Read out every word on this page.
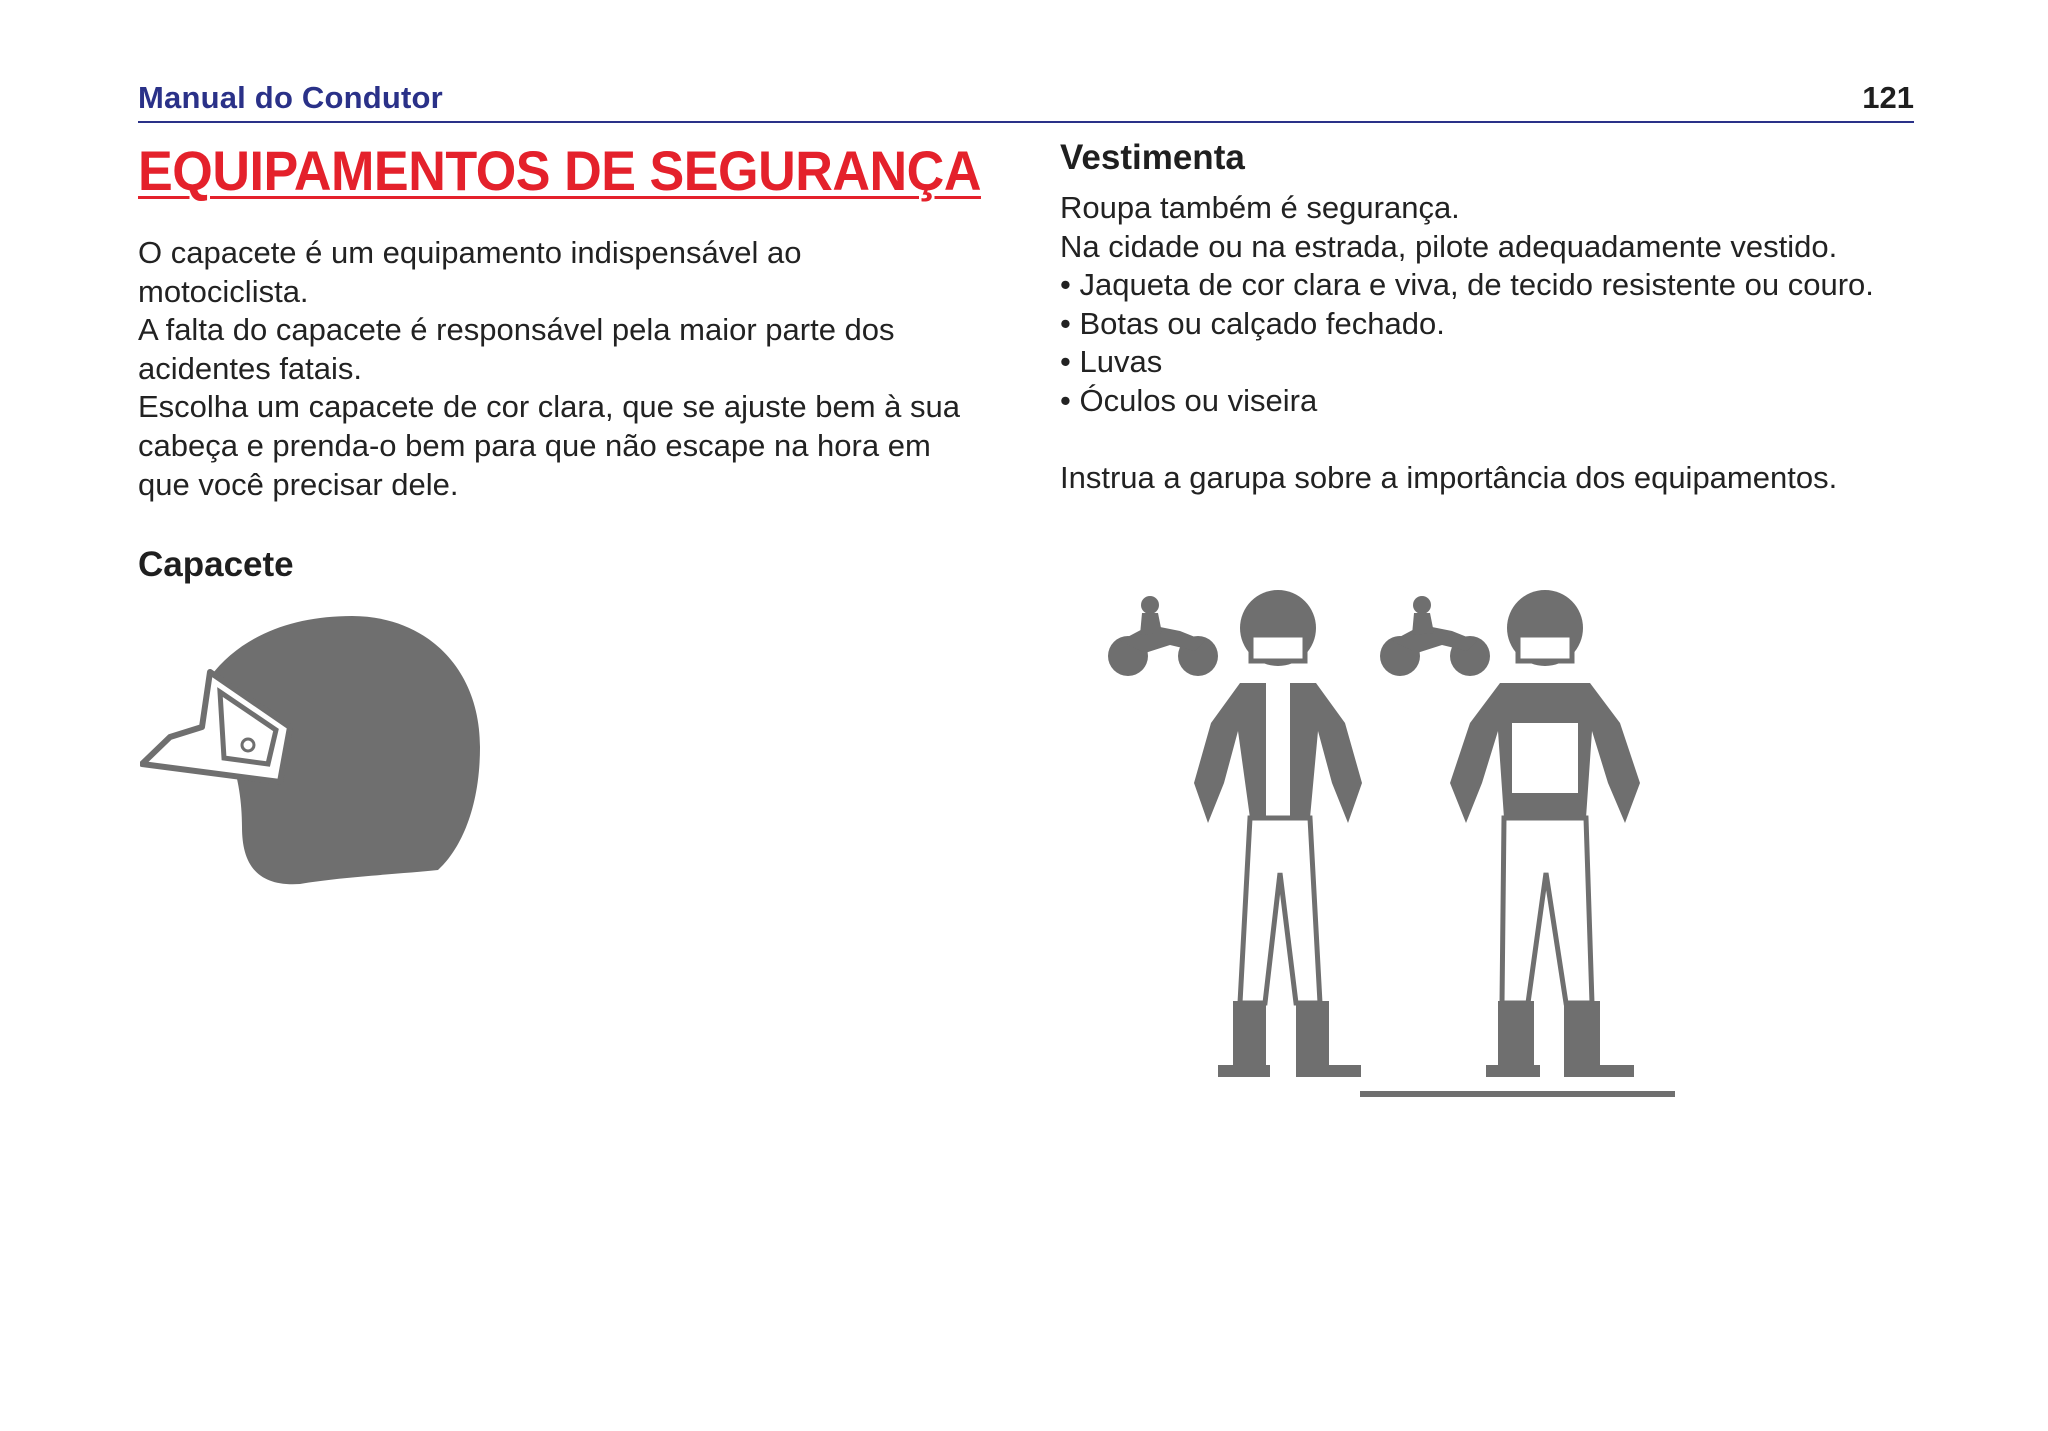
Manual do Condutor	121
EQUIPAMENTOS DE SEGURANÇA

O capacete é um equipamento indispensável ao

motociclista.

A falta do capacete é responsável pela maior parte dos

acidentes fatais.

Escolha um capacete de cor clara, que se ajuste bem à sua

cabeça e prenda-o bem para que não escape na hora em

que você precisar dele.

Capacete
Vestimenta

Roupa também é segurança.

Na cidade ou na estrada, pilote adequadamente vestido.

• Jaqueta de cor clara e viva, de tecido resistente ou couro.

• Botas ou calçado fechado.

• Luvas

• Óculos ou viseira

Instrua a garupa sobre a importância dos equipamentos.
